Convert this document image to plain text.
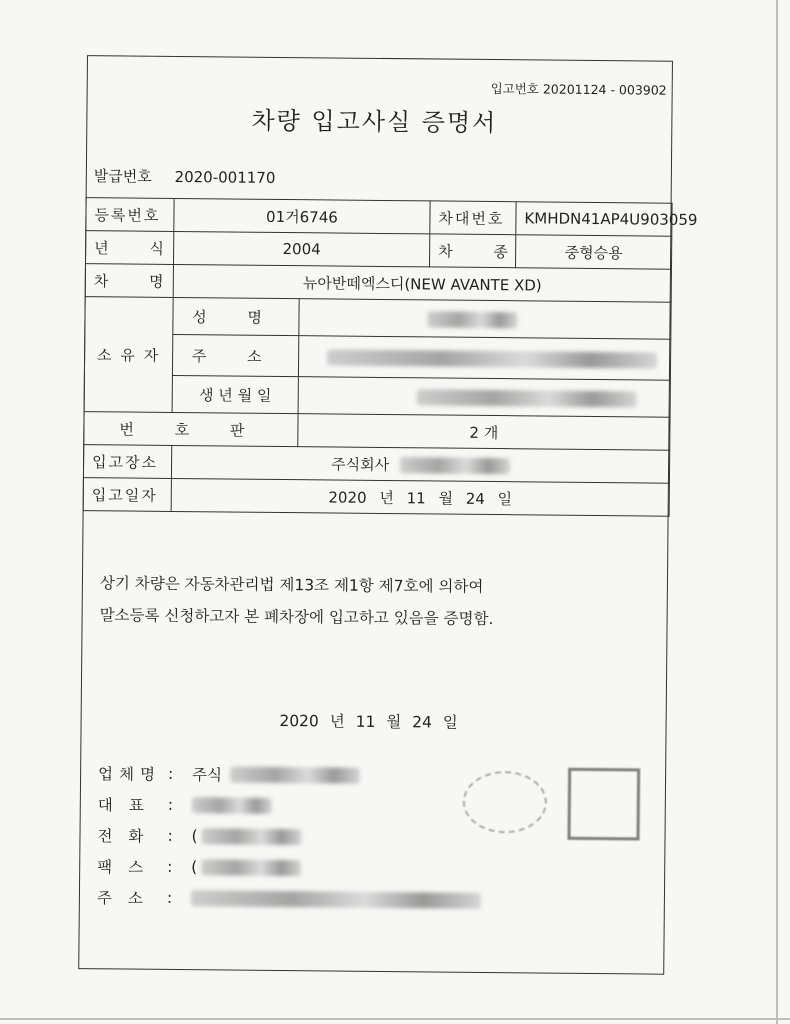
입고번호 20201124 - 003902
차량 입고사실 증명서
발급번호 2020-001170
등록번호	01거6746		차대번호	KMHDN41AP4U903059
년 식	2004		차 종	중형승용
차 명	뉴아반떼엑스디(NEW AVANTE XD)			
소 유 자	성 명			
	주 소			
	생 년 월 일			
번 호 판		2 개		
입고장소	주식회사			
입고일자	2020 년 11 월 24 일			
상기 차량은 자동차관리법 제13조 제1항 제7호에 의하여
말소등록 신청하고자 본 폐차장에 입고하고 있음을 증명함.
2020 년 11 월 24 일
업체명 :	주식
대표 :
전화 :	(
팩스 :	(
주소 :
